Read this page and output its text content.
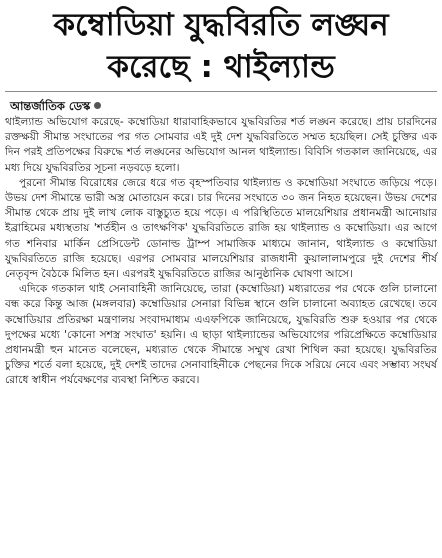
কম্বোডিয়া যুদ্ধবিরতি লঙ্ঘন
করেছে : থাইল্যান্ড
আন্তর্জাতিক ডেস্ক

থাইল্যান্ড অভিযোগ করেছে- কম্বোডিয়া ধারাবাহিকভাবে যুদ্ধবিরতির শর্ত লঙ্ঘন করেছে। প্রায় চারদিনের রক্তক্ষয়ী সীমান্ত সংঘাতের পর গত সোমবার এই দুই দেশ যুদ্ধবিরতিতে সম্মত হয়েছিল। সেই চুক্তির এক দিন পরই প্রতিপক্ষের বিরুদ্ধে শর্ত লঙ্ঘনের অভিযোগ আনল থাইল্যান্ড। বিবিসি গতকাল জানিয়েছে, এর মধ্য দিয়ে যুদ্ধবিরতির সূচনা নড়বড়ে হলো।

পুরনো সীমান্ত বিরোধের জেরে ধরে গত বৃহস্পতিবার থাইল্যান্ড ও কম্বোডিয়া সংঘাতে জড়িয়ে পড়ে। উভয় দেশ সীমান্তে ভারী অস্ত্র মোতায়েন করে। চার দিনের সংঘাতে ৩০ জন নিহত হয়েছেন। উভয় দেশের সীমান্ত থেকে প্রায় দুই লাখ লোক বাস্তুচ্যুত হয়ে পড়ে। এ পরিস্থিতিতে মালয়েশিয়ার প্রধানমন্ত্রী আনোয়ার ইব্রাহিমের মধ্যস্থতায় 'শর্তহীন ও তাৎক্ষণিক' যুদ্ধবিরতিতে রাজি হয় থাইল্যান্ড ও কম্বোডিয়া। এর আগে গত শনিবার মার্কিন প্রেসিডেন্ট ডোনাল্ড ট্রাম্প সামাজিক মাধ্যমে জানান, থাইল্যান্ড ও কম্বোডিয়া যুদ্ধবিরতিতে রাজি হয়েছে। এরপর সোমবার মালয়েশিয়ার রাজধানী কুয়ালালামপুরে দুই দেশের শীর্ষ নেতৃবৃন্দ বৈঠকে মিলিত হন। এরপরই যুদ্ধবিরতিতে রাজির আনুষ্ঠানিক ঘোষণা আসে।

এদিকে গতকাল থাই সেনাবাহিনী জানিয়েছে, তারা (কম্বোডিয়া) মধ্যরাতের পর থেকে গুলি চালানো বন্ধ করে কিন্তু আজ (মঙ্গলবার) কম্বোডিয়ার সেনারা বিভিন্ন স্থানে গুলি চালানো অব্যাহত রেখেছে। তবে কম্বোডিয়ার প্রতিরক্ষা মন্ত্রণালয় সংবাদমাধ্যম এএফপিকে জানিয়েছে, যুদ্ধবিরতি শুরু হওয়ার পর থেকে দুপক্ষের মধ্যে 'কোনো সশস্ত্র সংঘাত' হয়নি। এ ছাড়া থাইল্যান্ডের অভিযোগের পরিপ্রেক্ষিতে কম্বোডিয়ার প্রধানমন্ত্রী হুন মানেত বলেছেন, মধ্যরাত থেকে সীমান্তে সম্মুখ রেখা শিথিল করা হয়েছে। যুদ্ধবিরতির চুক্তির শর্তে বলা হয়েছে, দুই দেশই তাদের সেনাবাহিনীকে পেছনের দিকে সরিয়ে নেবে এবং সম্ভাব্য সংঘর্ষ রোধে স্বাধীন পর্যবেক্ষণের ব্যবস্থা নিশ্চিত করবে।
